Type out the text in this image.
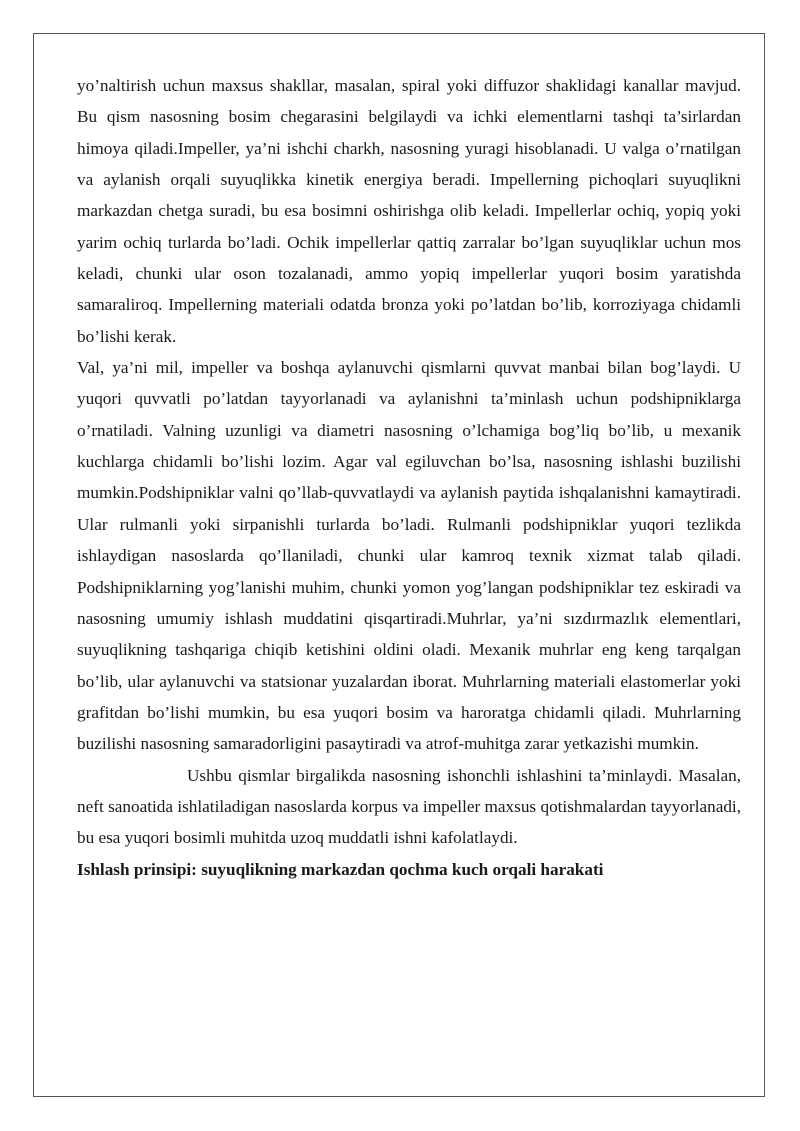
yo’naltirish uchun maxsus shakllar, masalan, spiral yoki diffuzor shaklidagi kanallar mavjud. Bu qism nasosning bosim chegarasini belgilaydi va ichki elementlarni tashqi ta’sirlardan himoya qiladi.Impeller, ya’ni ishchi charkh, nasosning yuragi hisoblanadi. U valga o’rnatilgan va aylanish orqali suyuqlikka kinetik energiya beradi. Impellerning pichoqlari suyuqlikni markazdan chetga suradi, bu esa bosimni oshirishga olib keladi. Impellerlar ochiq, yopiq yoki yarim ochiq turlarda bo’ladi. Ochik impellerlar qattiq zarralar bo’lgan suyuqliklar uchun mos keladi, chunki ular oson tozalanadi, ammo yopiq impellerlar yuqori bosim yaratishda samaraliroq. Impellerning materiali odatda bronza yoki po’latdan bo’lib, korroziyaga chidamli bo’lishi kerak.

Val, ya’ni mil, impeller va boshqa aylanuvchi qismlarni quvvat manbai bilan bog’laydi. U yuqori quvvatli po’latdan tayyorlanadi va aylanishni ta’minlash uchun podshipniklarga o’rnatiladi. Valning uzunligi va diametri nasosning o’lchamiga bog’liq bo’lib, u mexanik kuchlarga chidamli bo’lishi lozim. Agar val egiluvchan bo’lsa, nasosning ishlashi buzilishi mumkin.Podshipniklar valni qo’llab-quvvatlaydi va aylanish paytida ishqalanishni kamaytiradi. Ular rulmanli yoki sirpanishli turlarda bo’ladi. Rulmanli podshipniklar yuqori tezlikda ishlaydigan nasoslarda qo’llaniladi, chunki ular kamroq texnik xizmat talab qiladi. Podshipniklarning yog’lanishi muhim, chunki yomon yog’langan podshipniklar tez eskiradi va nasosning umumiy ishlash muddatini qisqartiradi.Muhrlar, ya’ni sızdırmazlık elementlari, suyuqlikning tashqariga chiqib ketishini oldini oladi. Mexanik muhrlar eng keng tarqalgan bo’lib, ular aylanuvchi va statsionar yuzalardan iborat. Muhrlarning materiali elastomerlar yoki grafitdan bo’lishi mumkin, bu esa yuqori bosim va haroratga chidamli qiladi. Muhrlarning buzilishi nasosning samaradorligini pasaytiradi va atrof-muhitga zarar yetkazishi mumkin.

Ushbu qismlar birgalikda nasosning ishonchli ishlashini ta’minlaydi. Masalan, neft sanoatida ishlatiladigan nasoslarda korpus va impeller maxsus qotishmalardan tayyorlanadi, bu esa yuqori bosimli muhitda uzoq muddatli ishni kafolatlaydi.

Ishlash prinsipi: suyuqlikning markazdan qochma kuch orqali harakati
